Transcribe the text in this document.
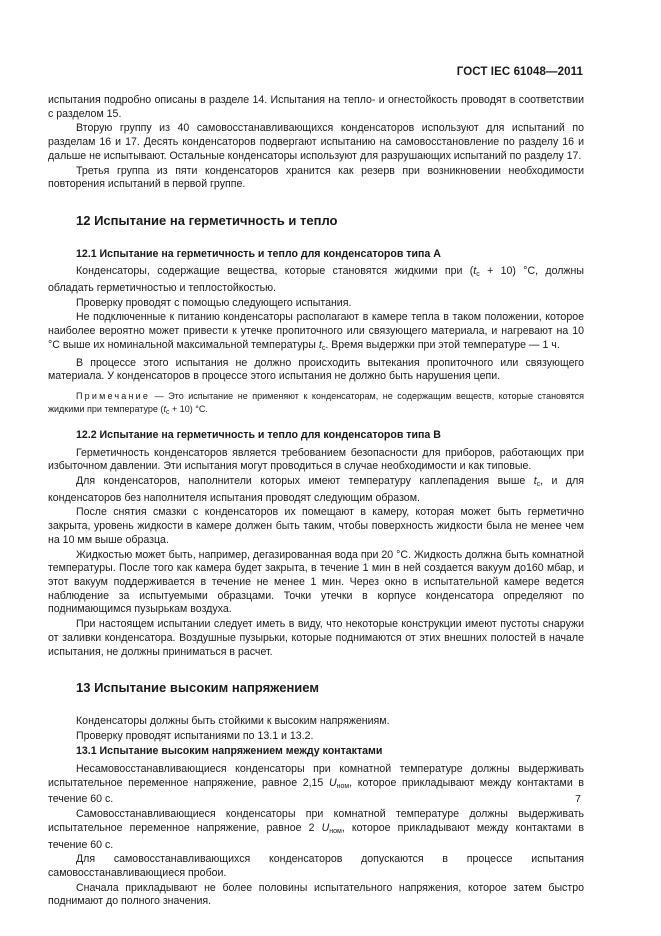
ГОСТ IEC 61048—2011

испытания подробно описаны в разделе 14. Испытания на тепло- и огнестойкость проводят в соответствии с разделом 15.

Вторую группу из 40 самовосстанавливающихся конденсаторов используют для испытаний по разделам 16 и 17. Десять конденсаторов подвергают испытанию на самовосстановление по разделу 16 и дальше не испытывают. Остальные конденсаторы используют для разрушающих испытаний по разделу 17.

Третья группа из пяти конденсаторов хранится как резерв при возникновении необходимости повторения испытаний в первой группе.

12 Испытание на герметичность и тепло
12.1 Испытание на герметичность и тепло для конденсаторов типа А

Конденсаторы, содержащие вещества, которые становятся жидкими при $(t_c + 10)$ °С, должны обладать герметичностью и теплостойкостью.

Проверку проводят с помощью следующего испытания.

Не подключенные к питанию конденсаторы располагают в камере тепла в таком положении, которое наиболее вероятно может привести к утечке пропиточного или связующего материала, и нагревают на 10 °С выше их номинальной максимальной температуры $t_c$. Время выдержки при этой температуре — 1 ч.

В процессе этого испытания не должно происходить вытекания пропиточного или связующего материала. У конденсаторов в процессе этого испытания не должно быть нарушения цепи.

Примечание — Это испытание не применяют к конденсаторам, не содержащим веществ, которые становятся жидкими при температуре $(t_c + 10)$ °С.

12.2 Испытание на герметичность и тепло для конденсаторов типа В

Герметичность конденсаторов является требованием безопасности для приборов, работающих при избыточном давлении. Эти испытания могут проводиться в случае необходимости и как типовые.

Для конденсаторов, наполнители которых имеют температуру каплепадения выше $t_c$, и для конденсаторов без наполнителя испытания проводят следующим образом.

После снятия смазки с конденсаторов их помещают в камеру, которая может быть герметично закрыта, уровень жидкости в камере должен быть таким, чтобы поверхность жидкости была не менее чем на 10 мм выше образца.

Жидкостью может быть, например, дегазированная вода при 20 °С. Жидкость должна быть комнатной температуры. После того как камера будет закрыта, в течение 1 мин в ней создается вакуум до160 мбар, и этот вакуум поддерживается в течение не менее 1 мин. Через окно в испытательной камере ведется наблюдение за испытуемыми образцами. Точки утечки в корпусе конденсатора определяют по поднимающимся пузырькам воздуха.

При настоящем испытании следует иметь в виду, что некоторые конструкции имеют пустоты снаружи от заливки конденсатора. Воздушные пузырьки, которые поднимаются от этих внешних полостей в начале испытания, не должны приниматься в расчет.

13 Испытание высоким напряжением

Конденсаторы должны быть стойкими к высоким напряжениям.

Проверку проводят испытаниями по 13.1 и 13.2.

13.1 Испытание высоким напряжением между контактами

Несамовосстанавливающиеся конденсаторы при комнатной температуре должны выдерживать испытательное переменное напряжение, равное 2,15 $U_{ном}$, которое прикладывают между контактами в течение 60 с.

Самовосстанавливающиеся конденсаторы при комнатной температуре должны выдерживать испытательное переменное напряжение, равное 2 $U_{ном}$, которое прикладывают между контактами в течение 60 с.

Для самовосстанавливающихся конденсаторов допускаются в процессе испытания самовосстанавливающиеся пробои.

Сначала прикладывают не более половины испытательного напряжения, которое затем быстро поднимают до полного значения.

7
